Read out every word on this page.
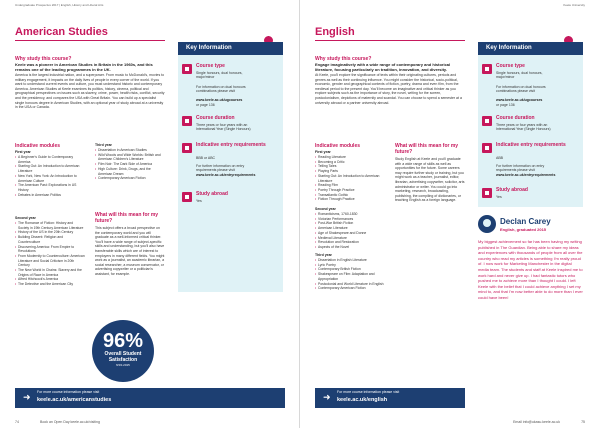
Undergraduate Prospectus 2017 | English, History and Liberal Arts
American Studies
Why study this course?
Keele was a pioneer in American Studies in Britain in the 1960s, and this remains one of the leading programmes in the UK.
America is the largest industrial nation, and a superpower. From music to McDonald's, movies to military engagement, it impacts on the daily lives of people in every corner of the world. If you want to understand current events and culture, you must understand historic and contemporary America. American Studies at Keele examines its politics, history, cinema, political and geographical perspectives on issues such as slavery, crime, power, health risks, conflict, security and the presidency, and compares the USA with Great Britain. You can build up a specialist single honours degree in American Studies, with an optional year of study abroad at a university in the USA or Canada.
Indicative modules
First year
• A Beginner's Guide to Contemporary America
• Starting Out: An Introduction to American Literature
• New York, New York: An Introduction to American Culture
• The American Past: Explorations in US History
• Debates in American Politics
Second year
• The Romance of Fiction: History and Society in 19th Century American Literature
• History of the US in the 20th Century
• Building Dissent: Religion and Counterculture
• Discovering America: From Empire to Revolutions
• From Modernity to Counterculture: American Literature and Social Criticism in 20th Century
• The New World in Chains: Slavery and the Origins of Race in America
• Alfred Hitchcock's America
• The Detective and the American City
Third year
• Dissertation in American Studies
• Wild Woods and Wide Worlds: British and American Children's Literature
• Film Noir: The Dark Side of America
• High Culture: Drink, Drugs, and the American Dream
• Contemporary American Fiction
What will this mean for my future?
This subject offers a broad perspective on the contemporary world and you will graduate as a well-informed critical thinker. You'll have a wide range of subject-specific skills and understanding, but you'll also have transferable skills which are of interest to employers in many different fields. You might work as a journalist, an academic librarian, a social researcher, a museum conservator, or advertising copywriter or a politician's assistant, for example.
96%
Overall Student
Satisfaction
NSS 2015
Key Information
Course type
Single honours, dual honours, major/minor
For information on dual honours combinations please visit
www.keele.ac.uk/ugcourses
or page 136
Course duration
Three years or four years with an International Year (Single Honours)
Indicative entry requirements
BBB or ABC
For further information on entry requirements please visit
www.keele.ac.uk/entryrequirements
Study abroad
Yes
For more course information please visit
keele.ac.uk/americanstudies
➜
74	Book an Open Day keele.ac.uk/visiting
Keele University
English
Why study this course?
Engage imaginatively with a wide range of contemporary and historical literature, focusing particularly on tradition, innovation, and diversity.
At Keele, you'll explore the significance of texts within their originating cultures, periods and genres as well as their continuing influence. You might consider the historical, socio-political, economic, gender and geographical contexts of fiction, poetry, drama and even film, from the medieval period to the present day. You'll become an imaginative and critical thinker as you explore subjects such as the importance of story, the novel, writing for the screen, postcolonialism, depictions of maternity and scandal. You can choose to spend a semester at a university abroad or a partner university abroad.
Indicative modules
First year
• Reading Literature
• Becoming a Critic
• Telling Tales
• Playing Parts
• Starting Out: An Introduction to American Literature
• Reading Film
• Poetry Through Practice
• Transatlantic Gothic
• Fiction Through Practice
Second year
• Romanticisms, 1760-1830
• Victorian Performances
• Post-War British Fiction
• American Literature
• Age of Shakespeare and Donne
• Medieval Literature
• Revolution and Restoration
• Aspects of the Novel
Third year
• Dissertation in English Literature
• Lyric Poetry
• Contemporary British Fiction
• Shakespeare on Film: Adaptation and Appropriation
• Postcolonial and World Literature in English
• Contemporary American Fiction
What will this mean for my future?
Study English at Keele and you'll graduate with a wide range of skills as well as opportunities for the future. Some careers may require further study or training, but you might work as a teacher, journalist, editor, librarian, advertising copywriter, solicitor, arts administrator or writer. You could go into marketing, research, broadcasting, publishing, the compiling of dictionaries, or teaching English as a foreign language.
Key Information
Course type
Single honours, dual honours, major/minor
For information on dual honours combinations please visit
www.keele.ac.uk/ugcourses
or page 136
Course duration
Three years or four years with an International Year (Single Honours)
Indicative entry requirements
ABB
For further information on entry requirements please visit
www.keele.ac.uk/entryrequirements
Study abroad
Yes
Declan Carey
English, graduated 2015
My biggest achievement so far has been having my writing published in The Guardian. Being able to share my ideas and experiences with thousands of people from all over the country who read my articles is something I'm really proud of. I now work for Marketing Manchester in the digital media team. The students and staff at Keele inspired me to work hard and never give up. I had fantastic tutors who pushed me to achieve more than I thought I could. I left Keele with the belief that I could achieve anything I set my mind to, and that I'm now better able to do more than I ever could have been!
For more course information please visit
keele.ac.uk/english
➜
Email info@ukasu.keele.ac.uk	75
